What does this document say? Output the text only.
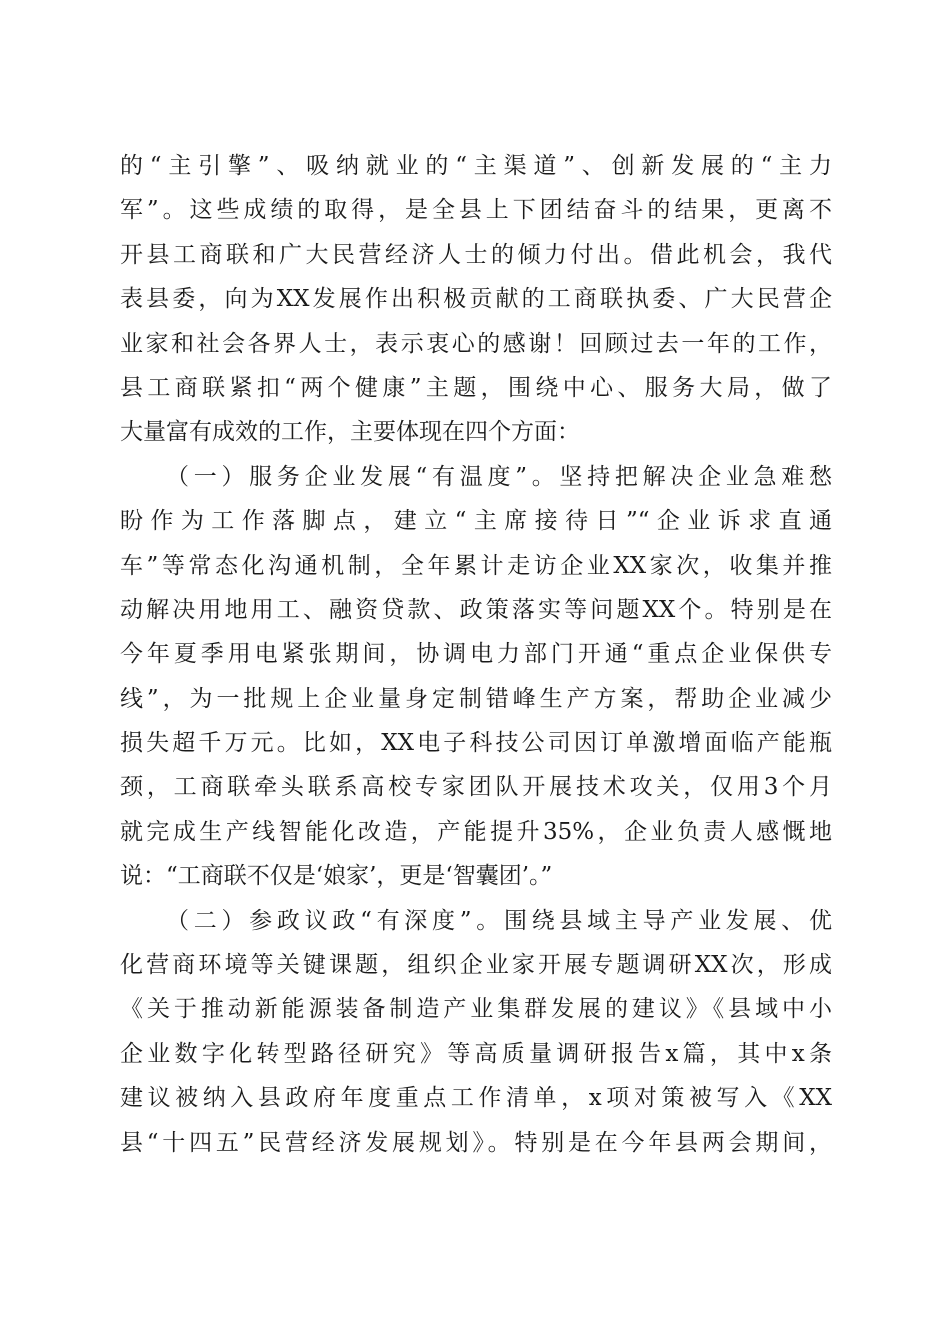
的“主引擎”、吸纳就业的“主渠道”、创新发展的“主力
军”。这些成绩的取得，是全县上下团结奋斗的结果，更离不
开县工商联和广大民营经济人士的倾力付出。借此机会，我代
表县委，向为XX发展作出积极贡献的工商联执委、广大民营企
业家和社会各界人士，表示衷心的感谢！回顾过去一年的工作，
县工商联紧扣“两个健康”主题，围绕中心、服务大局，做了
大量富有成效的工作，主要体现在四个方面：
（一）服务企业发展“有温度”。坚持把解决企业急难愁
盼作为工作落脚点，建立“主席接待日”“企业诉求直通
车”等常态化沟通机制，全年累计走访企业XX家次，收集并推
动解决用地用工、融资贷款、政策落实等问题XX个。特别是在
今年夏季用电紧张期间，协调电力部门开通“重点企业保供专
线”，为一批规上企业量身定制错峰生产方案，帮助企业减少
损失超千万元。比如，XX电子科技公司因订单激增面临产能瓶
颈，工商联牵头联系高校专家团队开展技术攻关，仅用3个月
就完成生产线智能化改造，产能提升35%，企业负责人感慨地
说：“工商联不仅是‘娘家’，更是‘智囊团’。”
（二）参政议政“有深度”。围绕县域主导产业发展、优
化营商环境等关键课题，组织企业家开展专题调研XX次，形成
《关于推动新能源装备制造产业集群发展的建议》《县域中小
企业数字化转型路径研究》等高质量调研报告x篇，其中x条
建议被纳入县政府年度重点工作清单，x项对策被写入《XX
县“十四五”民营经济发展规划》。特别是在今年县两会期间，
